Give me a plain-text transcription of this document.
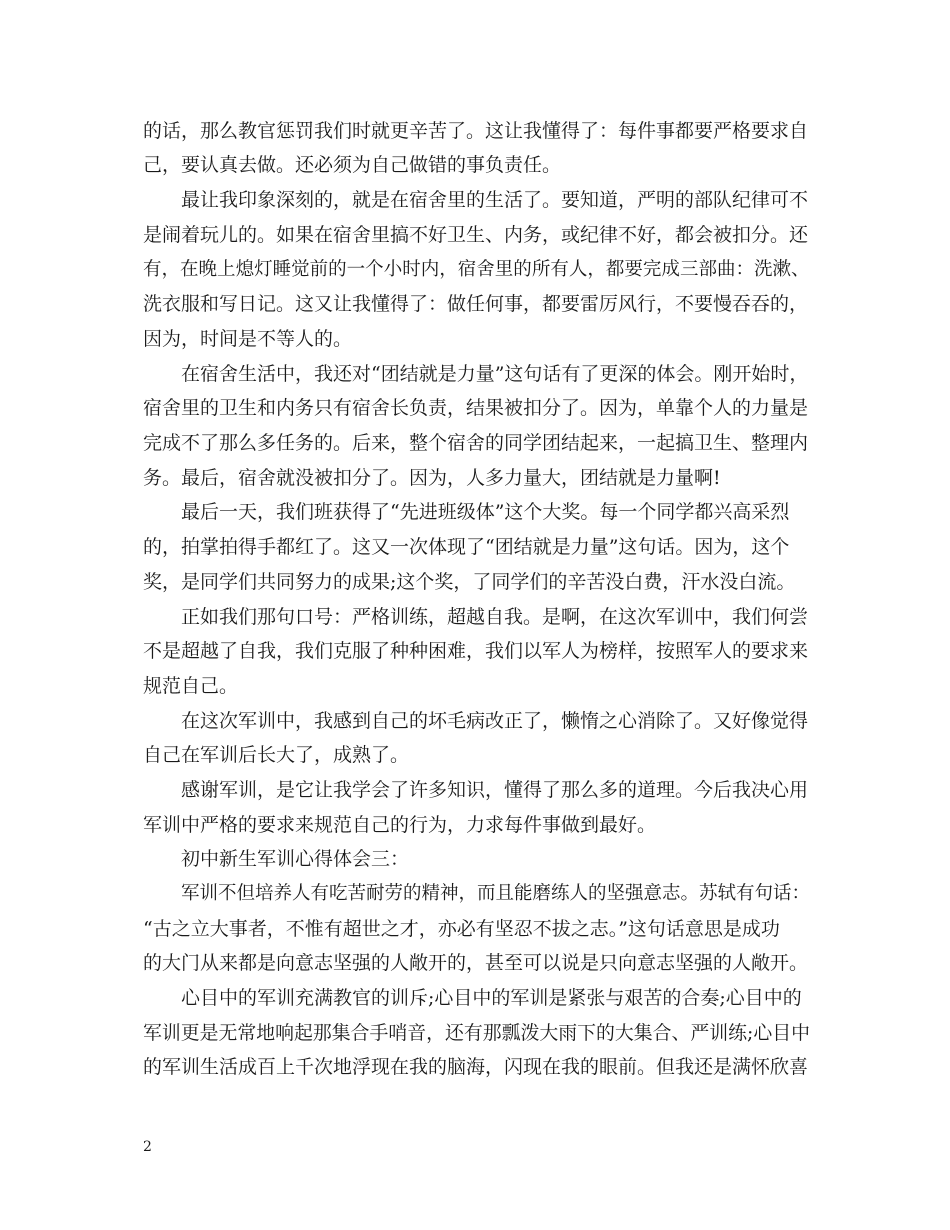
的话，那么教官惩罚我们时就更辛苦了。这让我懂得了：每件事都要严格要求自
己，要认真去做。还必须为自己做错的事负责任。
最让我印象深刻的，就是在宿舍里的生活了。要知道，严明的部队纪律可不
是闹着玩儿的。如果在宿舍里搞不好卫生、内务，或纪律不好，都会被扣分。还
有，在晚上熄灯睡觉前的一个小时内，宿舍里的所有人，都要完成三部曲：洗漱、
洗衣服和写日记。这又让我懂得了：做任何事，都要雷厉风行，不要慢吞吞的，
因为，时间是不等人的。
在宿舍生活中，我还对“团结就是力量”这句话有了更深的体会。刚开始时，
宿舍里的卫生和内务只有宿舍长负责，结果被扣分了。因为，单靠个人的力量是
完成不了那么多任务的。后来，整个宿舍的同学团结起来，一起搞卫生、整理内
务。最后，宿舍就没被扣分了。因为，人多力量大，团结就是力量啊!
最后一天，我们班获得了“先进班级体”这个大奖。每一个同学都兴高采烈
的，拍掌拍得手都红了。这又一次体现了“团结就是力量”这句话。因为，这个
奖，是同学们共同努力的成果;这个奖，了同学们的辛苦没白费，汗水没白流。
正如我们那句口号：严格训练，超越自我。是啊，在这次军训中，我们何尝
不是超越了自我，我们克服了种种困难，我们以军人为榜样，按照军人的要求来
规范自己。
在这次军训中，我感到自己的坏毛病改正了，懒惰之心消除了。又好像觉得
自己在军训后长大了，成熟了。
感谢军训，是它让我学会了许多知识，懂得了那么多的道理。今后我决心用
军训中严格的要求来规范自己的行为，力求每件事做到最好。
初中新生军训心得体会三：
军训不但培养人有吃苦耐劳的精神，而且能磨练人的坚强意志。苏轼有句话：
“古之立大事者，不惟有超世之才，亦必有坚忍不拔之志。”这句话意思是成功
的大门从来都是向意志坚强的人敞开的，甚至可以说是只向意志坚强的人敞开。
心目中的军训充满教官的训斥;心目中的军训是紧张与艰苦的合奏;心目中的
军训更是无常地响起那集合手哨音，还有那瓢泼大雨下的大集合、严训练;心目中
的军训生活成百上千次地浮现在我的脑海，闪现在我的眼前。但我还是满怀欣喜
2
